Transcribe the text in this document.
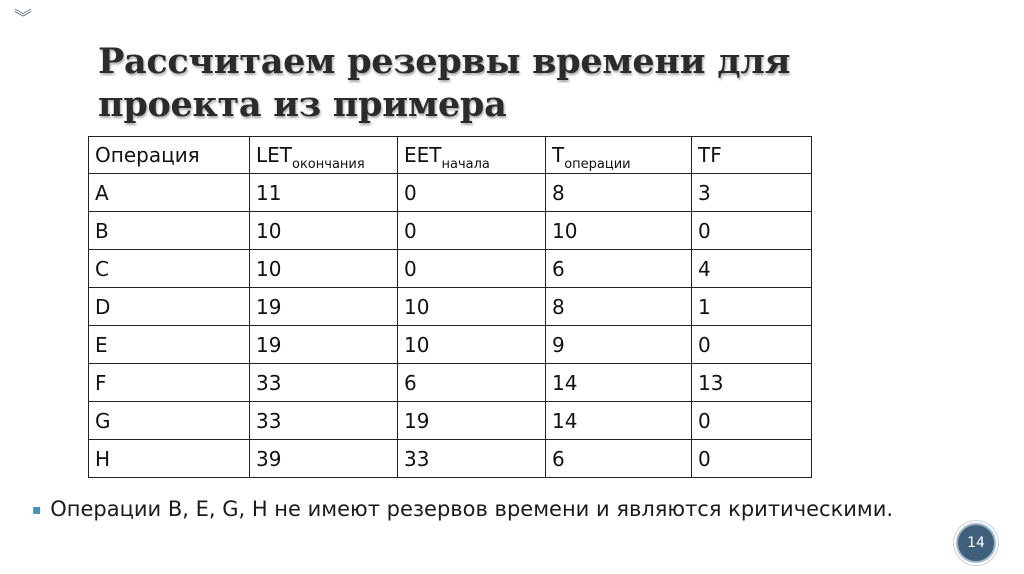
︾
Рассчитаем резервы времени для проекта из примера
Операция	$LET_{окончания}$	$EET_{начала}$	$T_{операции}$	TF
A	11	0	8	3
B	10	0	10	0
C	10	0	6	4
D	19	10	8	1
E	19	10	9	0
F	33	6	14	13
G	33	19	14	0
H	39	33	6	0
▪ Операции B, E, G, H не имеют резервов времени и являются критическими.
14
